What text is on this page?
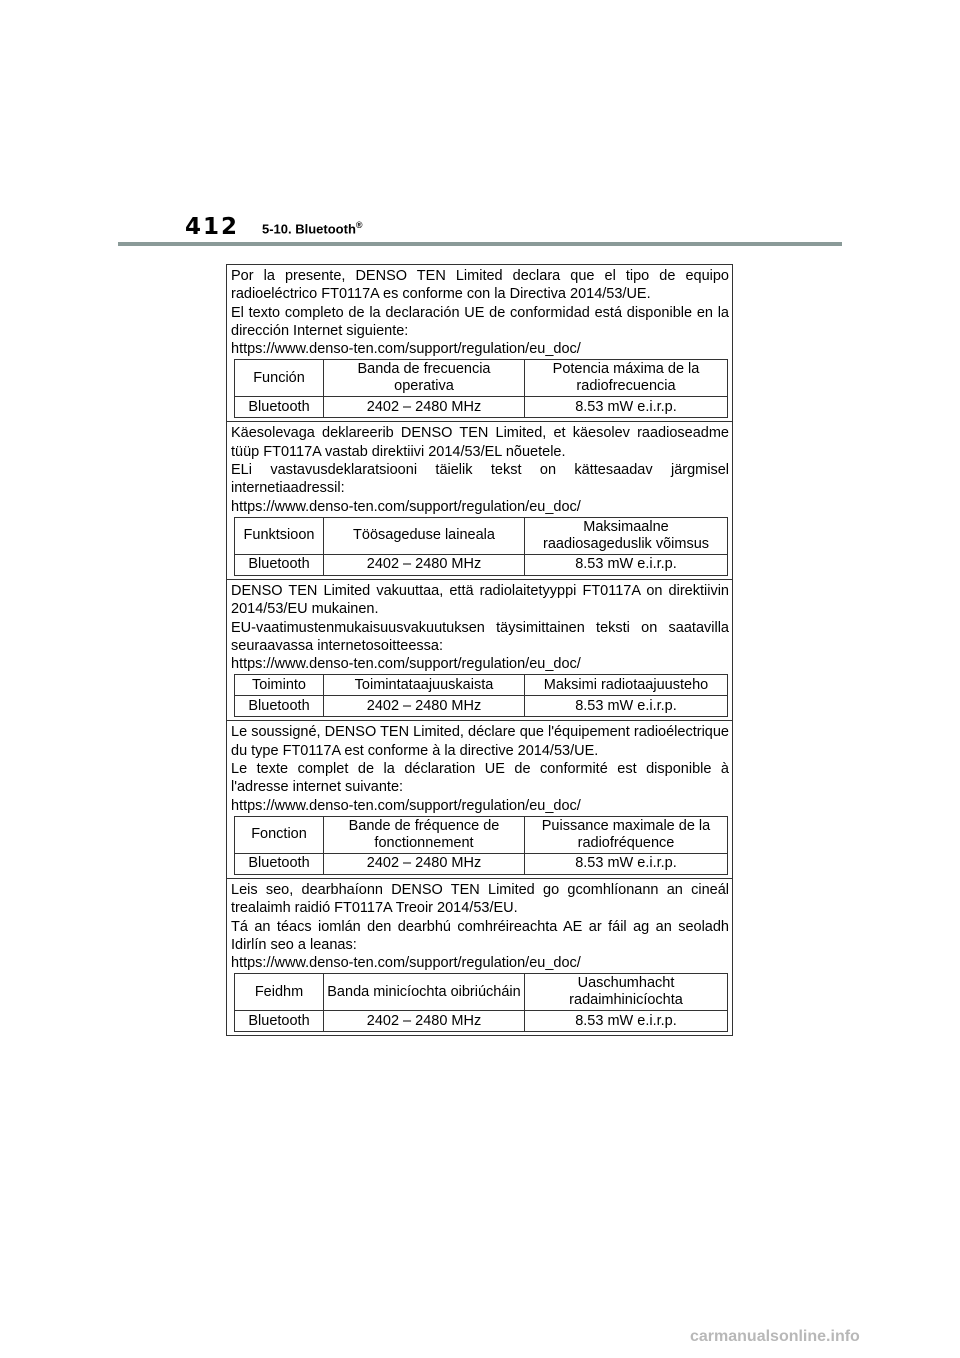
412 5-10. Bluetooth®
Por la presente, DENSO TEN Limited declara que el tipo de equipo radioeléctrico FT0117A es conforme con la Directiva 2014/53/UE.
El texto completo de la declaración UE de conformidad está disponible en la dirección Internet siguiente:
https://www.denso-ten.com/support/regulation/eu_doc/
Función	Banda de frecuencia operativa	Potencia máxima de la radiofrecuencia
Bluetooth	2402 – 2480 MHz	8.53 mW e.i.r.p.
Käesolevaga deklareerib DENSO TEN Limited, et käesolev raadioseadme tüüp FT0117A vastab direktiivi 2014/53/EL nõuetele.
ELi vastavusdeklaratsiooni täielik tekst on kättesaadav järgmisel internetiaadressil:
https://www.denso-ten.com/support/regulation/eu_doc/
Funktsioon	Töösageduse laineala	Maksimaalne raadiosageduslik võimsus
Bluetooth	2402 – 2480 MHz	8.53 mW e.i.r.p.
DENSO TEN Limited vakuuttaa, että radiolaitetyyppi FT0117A on direktiivin 2014/53/EU mukainen.
EU-vaatimustenmukaisuusvakuutuksen täysimittainen teksti on saatavilla seuraavassa internetosoitteessa:
https://www.denso-ten.com/support/regulation/eu_doc/
Toiminto	Toimintataajuuskaista	Maksimi radiotaajuusteho
Bluetooth	2402 – 2480 MHz	8.53 mW e.i.r.p.
Le soussigné, DENSO TEN Limited, déclare que l'équipement radioélectrique du type FT0117A est conforme à la directive 2014/53/UE.
Le texte complet de la déclaration UE de conformité est disponible à l'adresse internet suivante:
https://www.denso-ten.com/support/regulation/eu_doc/
Fonction	Bande de fréquence de fonctionnement	Puissance maximale de la radiofréquence
Bluetooth	2402 – 2480 MHz	8.53 mW e.i.r.p.
Leis seo, dearbhaíonn DENSO TEN Limited go gcomhlíonann an cineál trealaimh raidió FT0117A Treoir 2014/53/EU.
Tá an téacs iomlán den dearbhú comhréireachta AE ar fáil ag an seoladh Idirlín seo a leanas:
https://www.denso-ten.com/support/regulation/eu_doc/
Feidhm	Banda minicíochta oibriúcháin	Uaschumhacht radaimhinicíochta
Bluetooth	2402 – 2480 MHz	8.53 mW e.i.r.p.
carmanualsonline.info
